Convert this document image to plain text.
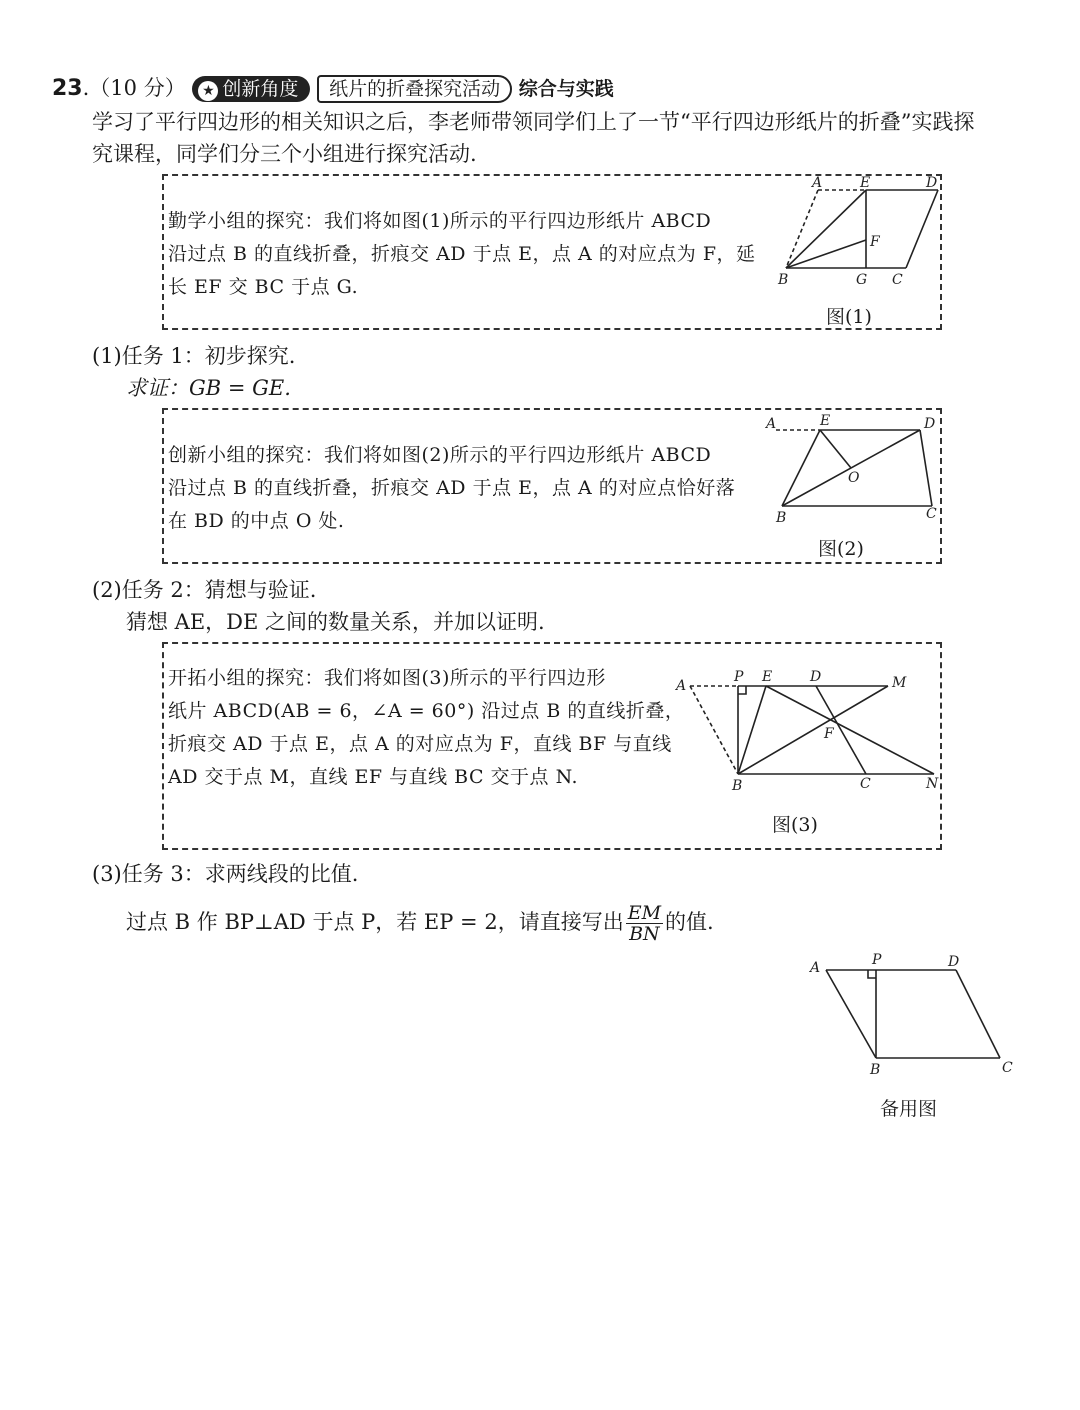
23.（10 分） ★ 创新角度 纸片的折叠探究活动 综合与实践
学习了平行四边形的相关知识之后，李老师带领同学们上了一节“平行四边形纸片的折叠”实践探
究课程，同学们分三个小组进行探究活动.
勤学小组的探究：我们将如图(1)所示的平行四边形纸片 ABCD
沿过点 B 的直线折叠，折痕交 AD 于点 E，点 A 的对应点为 F，延
长 EF 交 BC 于点 G.
A	E	D
F
B	G C
图(1)
(1)任务 1：初步探究.
求证：GB = GE.
创新小组的探究：我们将如图(2)所示的平行四边形纸片 ABCD
沿过点 B 的直线折叠，折痕交 AD 于点 E，点 A 的对应点恰好落
在 BD 的中点 O 处.
A	E	D
O
B	C
图(2)
(2)任务 2：猜想与验证.
猜想 AE，DE 之间的数量关系，并加以证明.
开拓小组的探究：我们将如图(3)所示的平行四边形
纸片 ABCD(AB = 6，∠A = 60°) 沿过点 B 的直线折叠，
折痕交 AD 于点 E，点 A 的对应点为 F，直线 BF 与直线
AD 交于点 M，直线 EF 与直线 BC 交于点 N.
A
P E	D	M
F
B	C	N
图(3)
(3)任务 3：求两线段的比值.
过点 B 作 BP⊥AD 于点 P，若 EP = 2，请直接写出 $\frac{EM}{BN}$ 的值.
A	P	D
B	C
备用图
